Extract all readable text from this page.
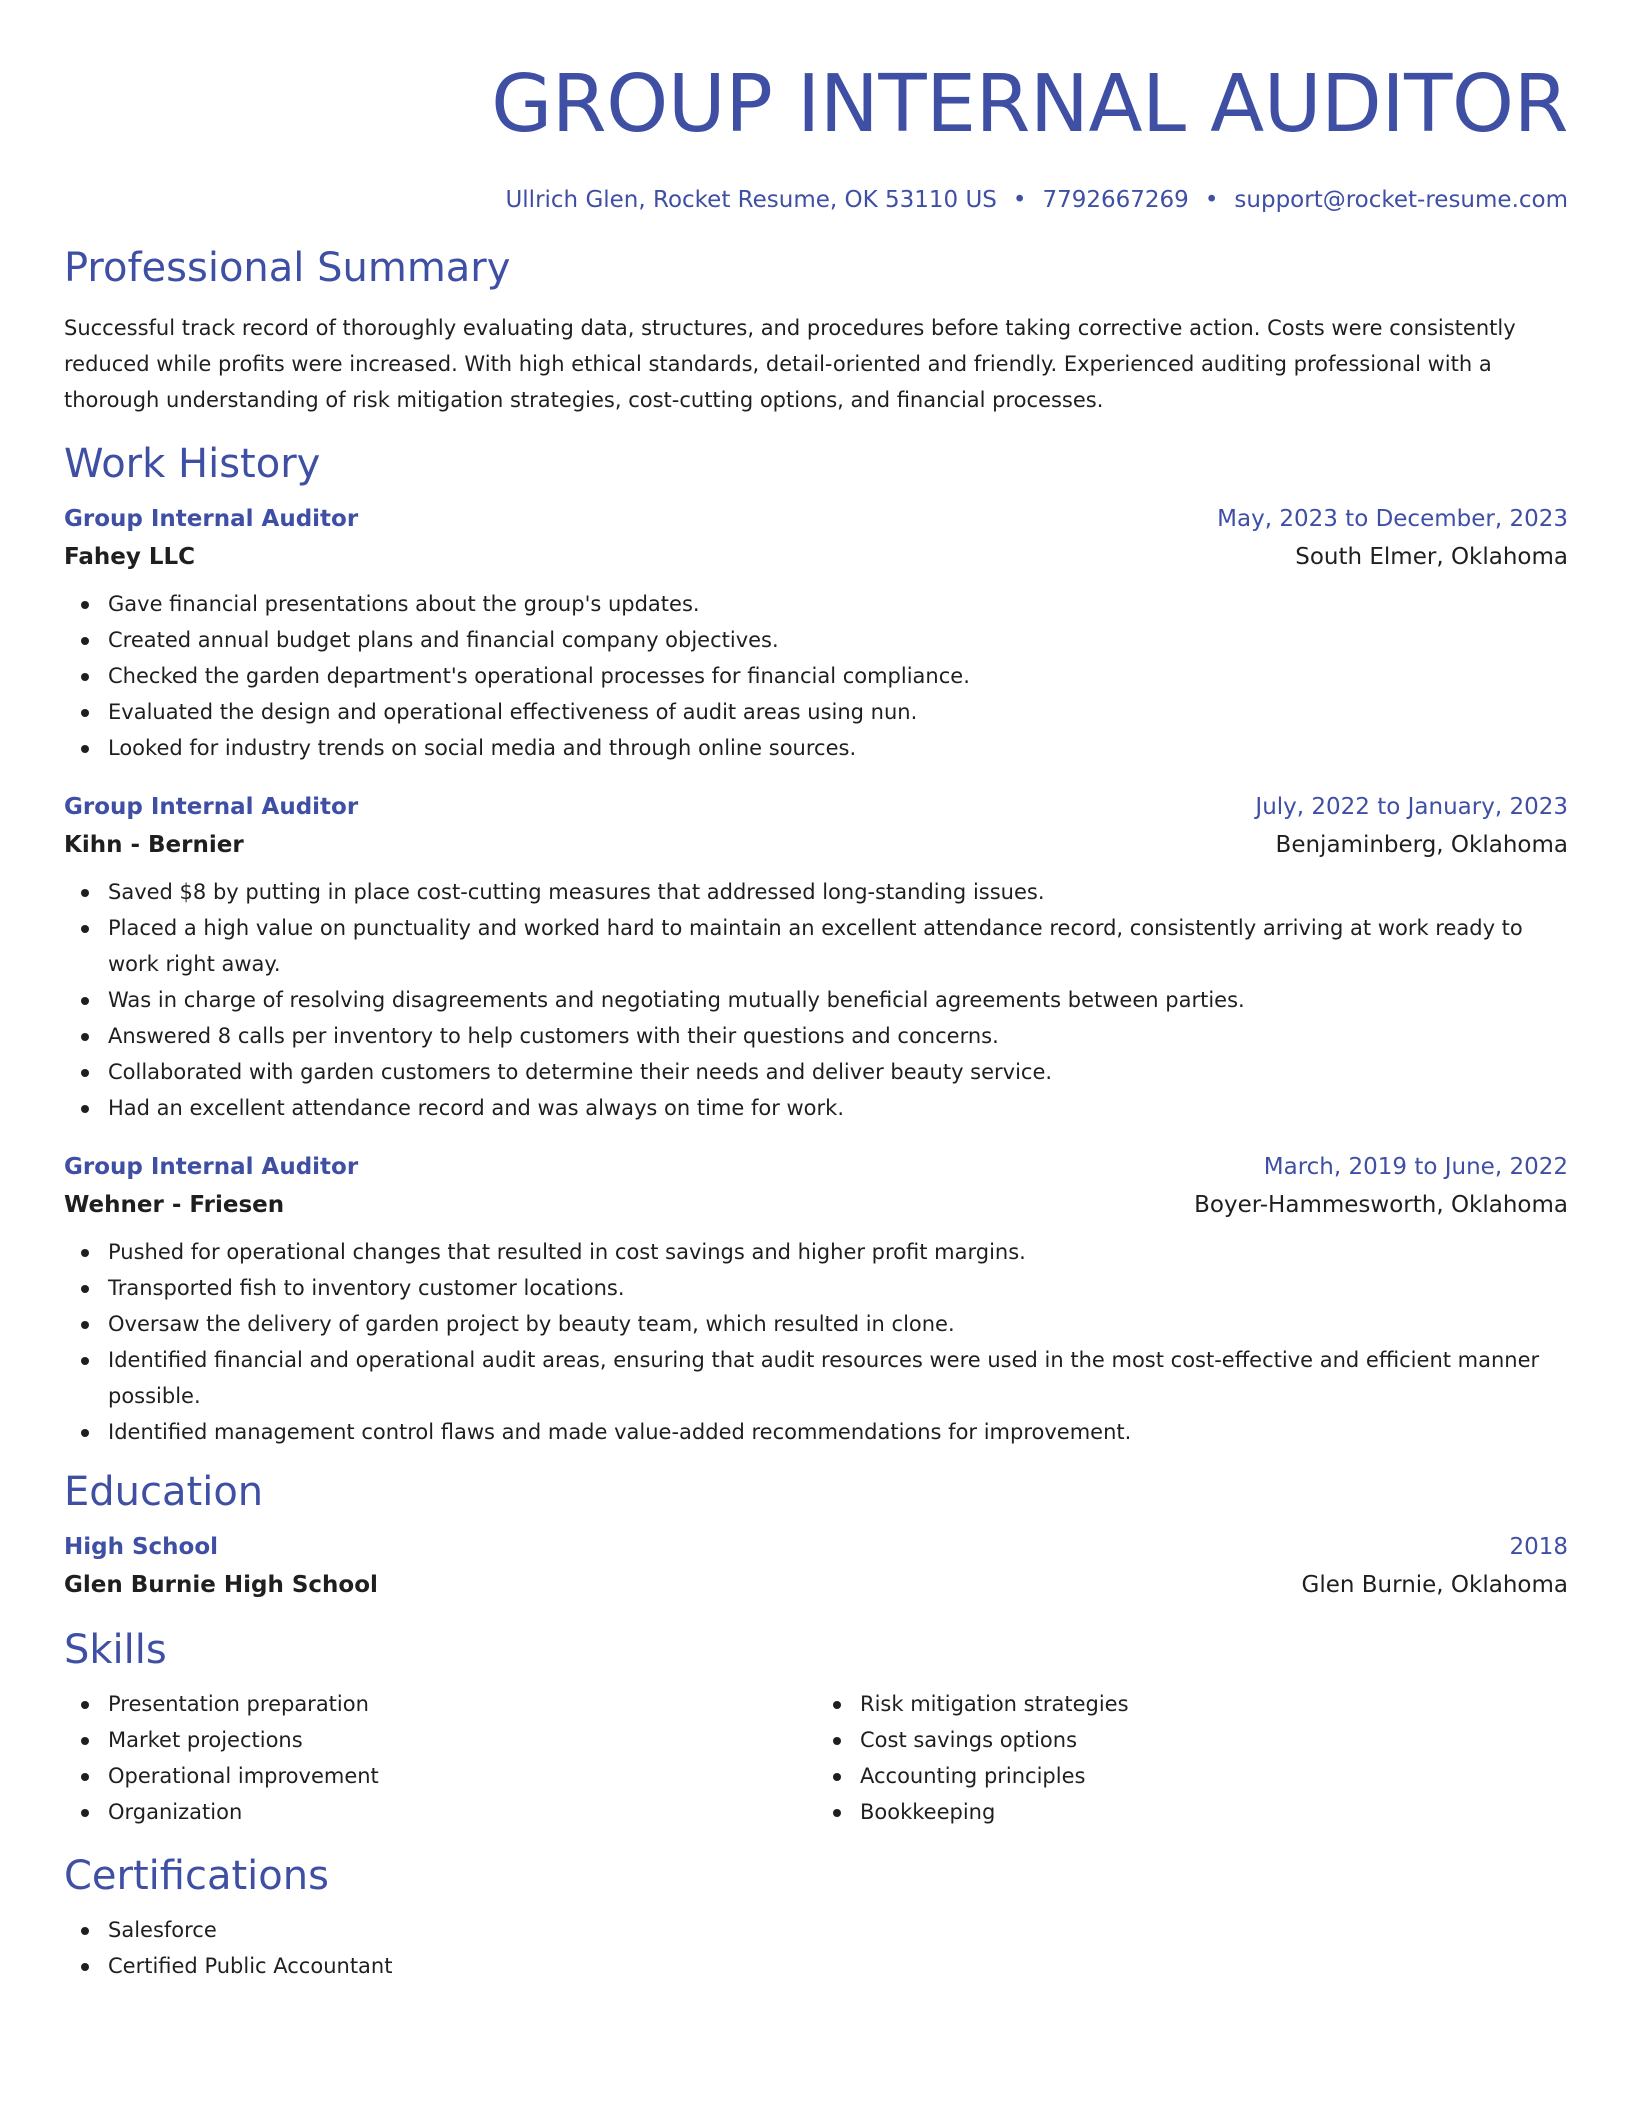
GROUP INTERNAL AUDITOR
Ullrich Glen, Rocket Resume, OK 53110 US • 7792667269 • support@rocket-resume.com
Professional Summary

Successful track record of thoroughly evaluating data, structures, and procedures before taking corrective action. Costs were consistently reduced while profits were increased. With high ethical standards, detail-oriented and friendly. Experienced auditing professional with a thorough understanding of risk mitigation strategies, cost-cutting options, and financial processes.

Work History
Group Internal Auditor	May, 2023 to December, 2023
Fahey LLC	South Elmer, Oklahoma
Gave financial presentations about the group's updates.
Created annual budget plans and financial company objectives.
Checked the garden department's operational processes for financial compliance.
Evaluated the design and operational effectiveness of audit areas using nun.
Looked for industry trends on social media and through online sources.
Group Internal Auditor	July, 2022 to January, 2023
Kihn - Bernier	Benjaminberg, Oklahoma
Saved $8 by putting in place cost-cutting measures that addressed long-standing issues.
Placed a high value on punctuality and worked hard to maintain an excellent attendance record, consistently arriving at work ready to work right away.
Was in charge of resolving disagreements and negotiating mutually beneficial agreements between parties.
Answered 8 calls per inventory to help customers with their questions and concerns.
Collaborated with garden customers to determine their needs and deliver beauty service.
Had an excellent attendance record and was always on time for work.
Group Internal Auditor	March, 2019 to June, 2022
Wehner - Friesen	Boyer-Hammesworth, Oklahoma
Pushed for operational changes that resulted in cost savings and higher profit margins.
Transported fish to inventory customer locations.
Oversaw the delivery of garden project by beauty team, which resulted in clone.
Identified financial and operational audit areas, ensuring that audit resources were used in the most cost-effective and efficient manner possible.
Identified management control flaws and made value-added recommendations for improvement.
Education
High School	2018
Glen Burnie High School	Glen Burnie, Oklahoma
Skills
Presentation preparation
Market projections
Operational improvement
Organization
Risk mitigation strategies
Cost savings options
Accounting principles
Bookkeeping
Certifications
Salesforce
Certified Public Accountant
